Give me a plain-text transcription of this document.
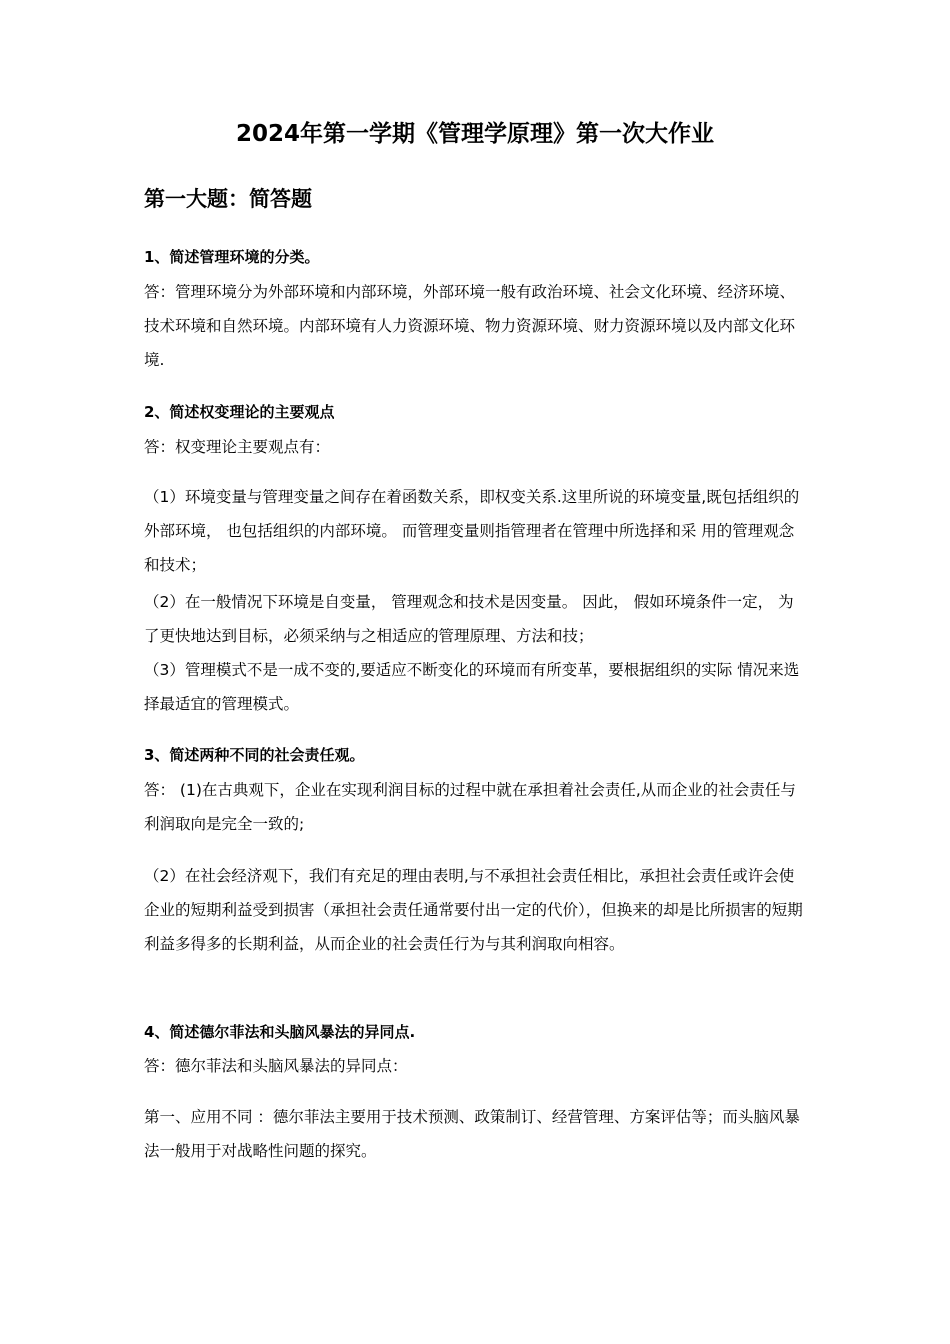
2024年第一学期《管理学原理》第一次大作业
第一大题：简答题
1、简述管理环境的分类。

答：管理环境分为外部环境和内部环境，外部环境一般有政治环境、社会文化环境、经济环境、技术环境和自然环境。内部环境有人力资源环境、物力资源环境、财力资源环境以及内部文化环境.

2、简述权变理论的主要观点

答：权变理论主要观点有：

（1）环境变量与管理变量之间存在着函数关系，即权变关系.这里所说的环境变量,既包括组织的外部环境， 也包括组织的内部环境。 而管理变量则指管理者在管理中所选择和采 用的管理观念和技术；

（2）在一般情况下环境是自变量， 管理观念和技术是因变量。 因此， 假如环境条件一定， 为了更快地达到目标，必须采纳与之相适应的管理原理、方法和技；

（3）管理模式不是一成不变的,要适应不断变化的环境而有所变革，要根据组织的实际 情况来选择最适宜的管理模式。

3、简述两种不同的社会责任观。

答： (1)在古典观下，企业在实现利润目标的过程中就在承担着社会责任,从而企业的社会责任与利润取向是完全一致的;

（2）在社会经济观下，我们有充足的理由表明,与不承担社会责任相比，承担社会责任或许会使企业的短期利益受到损害（承担社会责任通常要付出一定的代价），但换来的却是比所损害的短期利益多得多的长期利益，从而企业的社会责任行为与其利润取向相容。

4、简述德尔菲法和头脑风暴法的异同点.

答：德尔菲法和头脑风暴法的异同点：

第一、应用不同 ：德尔菲法主要用于技术预测、政策制订、经营管理、方案评估等；而头脑风暴法一般用于对战略性问题的探究。
